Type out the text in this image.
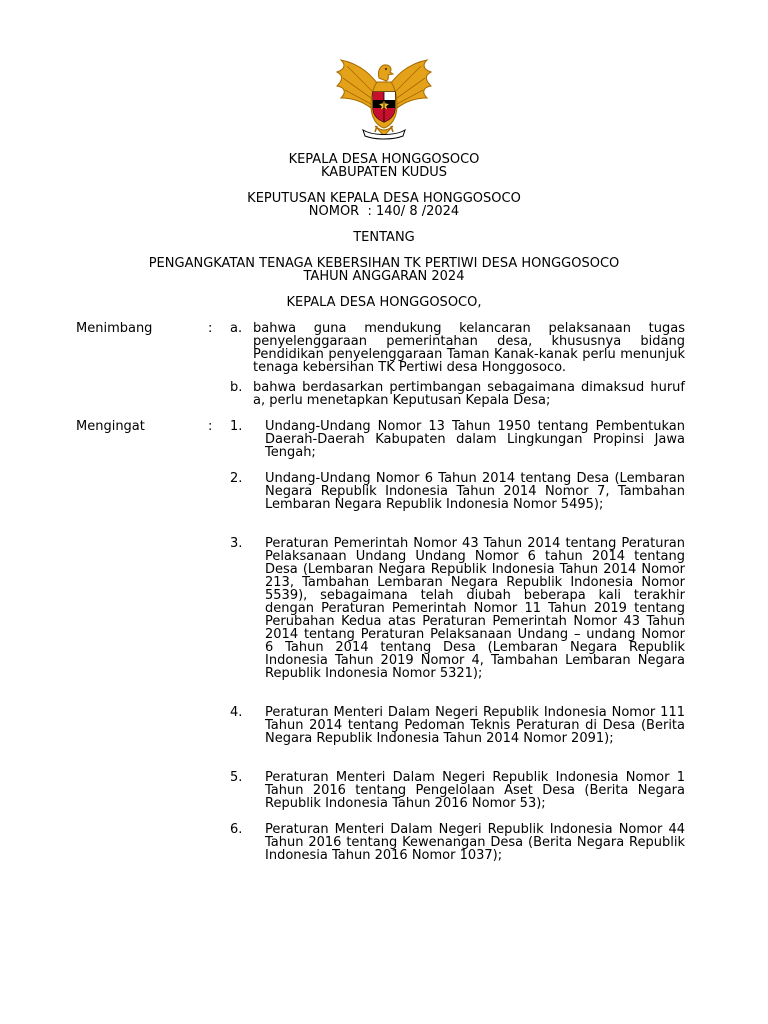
KEPALA DESA HONGGOSOCO
KABUPATEN KUDUS
KEPUTUSAN KEPALA DESA HONGGOSOCO
NOMOR  : 140/ 8 /2024
TENTANG
PENGANGKATAN TENAGA KEBERSIHAN TK PERTIWI DESA HONGGOSOCO
TAHUN ANGGARAN 2024
KEPALA DESA HONGGOSOCO,
Menimbang	: a. bahwa guna mendukung kelancaran pelaksanaan tugas penyelenggaraan pemerintahan desa, khususnya bidang Pendidikan penyelenggaraan Taman Kanak-kanak perlu menunjuk tenaga kebersihan TK Pertiwi desa Honggosoco.
b. bahwa berdasarkan pertimbangan sebagaimana dimaksud huruf a, perlu menetapkan Keputusan Kepala Desa;
Mengingat	: 1. Undang-Undang Nomor 13 Tahun 1950 tentang Pembentukan Daerah-Daerah Kabupaten dalam Lingkungan Propinsi Jawa Tengah;
2. Undang-Undang Nomor 6 Tahun 2014 tentang Desa (Lembaran Negara Republik Indonesia Tahun 2014 Nomor 7, Tambahan Lembaran Negara Republik Indonesia Nomor 5495);
3. Peraturan Pemerintah Nomor 43 Tahun 2014 tentang Peraturan Pelaksanaan Undang Undang Nomor 6 tahun 2014 tentang Desa (Lembaran Negara Republik Indonesia Tahun 2014 Nomor 213, Tambahan Lembaran Negara Republik Indonesia Nomor 5539), sebagaimana telah diubah beberapa kali terakhir dengan Peraturan Pemerintah Nomor 11 Tahun 2019 tentang Perubahan Kedua atas Peraturan Pemerintah Nomor 43 Tahun 2014 tentang Peraturan Pelaksanaan Undang – undang Nomor 6 Tahun 2014 tentang Desa (Lembaran Negara Republik Indonesia Tahun 2019 Nomor 4, Tambahan Lembaran Negara Republik Indonesia Nomor 5321);
4. Peraturan Menteri Dalam Negeri Republik Indonesia Nomor 111 Tahun 2014 tentang Pedoman Teknis Peraturan di Desa (Berita Negara Republik Indonesia Tahun 2014 Nomor 2091);
5. Peraturan Menteri Dalam Negeri Republik Indonesia Nomor 1 Tahun 2016 tentang Pengelolaan Aset Desa (Berita Negara Republik Indonesia Tahun 2016 Nomor 53);
6. Peraturan Menteri Dalam Negeri Republik Indonesia Nomor 44 Tahun 2016 tentang Kewenangan Desa (Berita Negara Republik Indonesia Tahun 2016 Nomor 1037);
